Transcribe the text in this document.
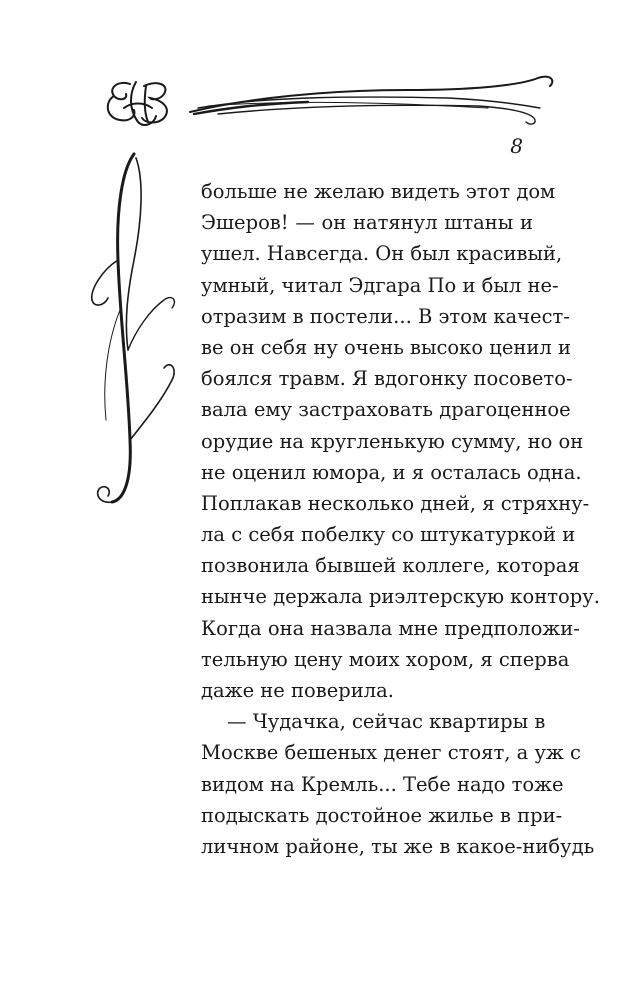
8
больше не желаю видеть этот дом
Эшеров! — он натянул штаны и
ушел. Навсегда. Он был красивый,
умный, читал Эдгара По и был не-
отразим в постели... В этом качест-
ве он себя ну очень высоко ценил и
боялся травм. Я вдогонку посовето-
вала ему застраховать драгоценное
орудие на кругленькую сумму, но он
не оценил юмора, и я осталась одна.
Поплакав несколько дней, я стряхну-
ла с себя побелку со штукатуркой и
позвонила бывшей коллеге, которая
нынче держала риэлтерскую контору.
Когда она назвала мне предположи-
тельную цену моих хором, я сперва
даже не поверила.
— Чудачка, сейчас квартиры в
Москве бешеных денег стоят, а уж с
видом на Кремль... Тебе надо тоже
подыскать достойное жилье в при-
личном районе, ты же в какое-нибудь
